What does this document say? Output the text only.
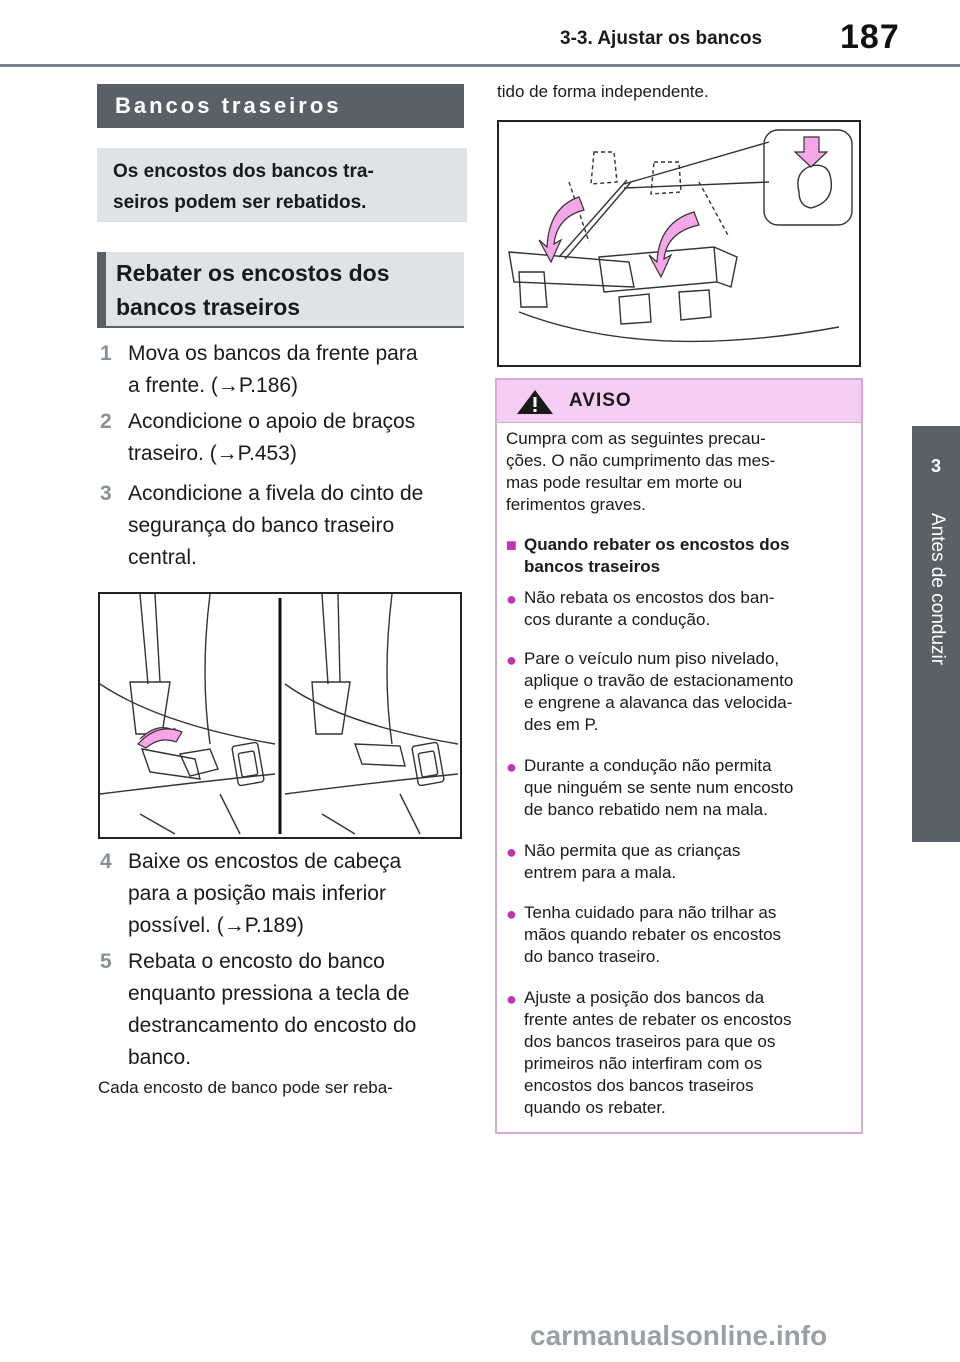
3-3. Ajustar os bancos 187
3
Antes de conduzir
Bancos traseiros
Os encostos dos bancos tra-
seiros podem ser rebatidos.
Rebater os encostos dos
bancos traseiros
1 Mova os bancos da frente para
a frente. (→P.186)
2 Acondicione o apoio de braços
traseiro. (→P.453)
3 Acondicione a fivela do cinto de
segurança do banco traseiro
central.
4 Baixe os encostos de cabeça
para a posição mais inferior
possível. (→P.189)
5 Rebata o encosto do banco
enquanto pressiona a tecla de
destrancamento do encosto do
banco.
Cada encosto de banco pode ser reba-
tido de forma independente.
AVISO
Cumpra com as seguintes precau-
ções. O não cumprimento das mes-
mas pode resultar em morte ou
ferimentos graves.
■ Quando rebater os encostos dos
bancos traseiros
● Não rebata os encostos dos ban-
cos durante a condução.
● Pare o veículo num piso nivelado,
aplique o travão de estacionamento
e engrene a alavanca das velocida-
des em P.
● Durante a condução não permita
que ninguém se sente num encosto
de banco rebatido nem na mala.
● Não permita que as crianças
entrem para a mala.
● Tenha cuidado para não trilhar as
mãos quando rebater os encostos
do banco traseiro.
● Ajuste a posição dos bancos da
frente antes de rebater os encostos
dos bancos traseiros para que os
primeiros não interfiram com os
encostos dos bancos traseiros
quando os rebater.
carmanualsonline.info
